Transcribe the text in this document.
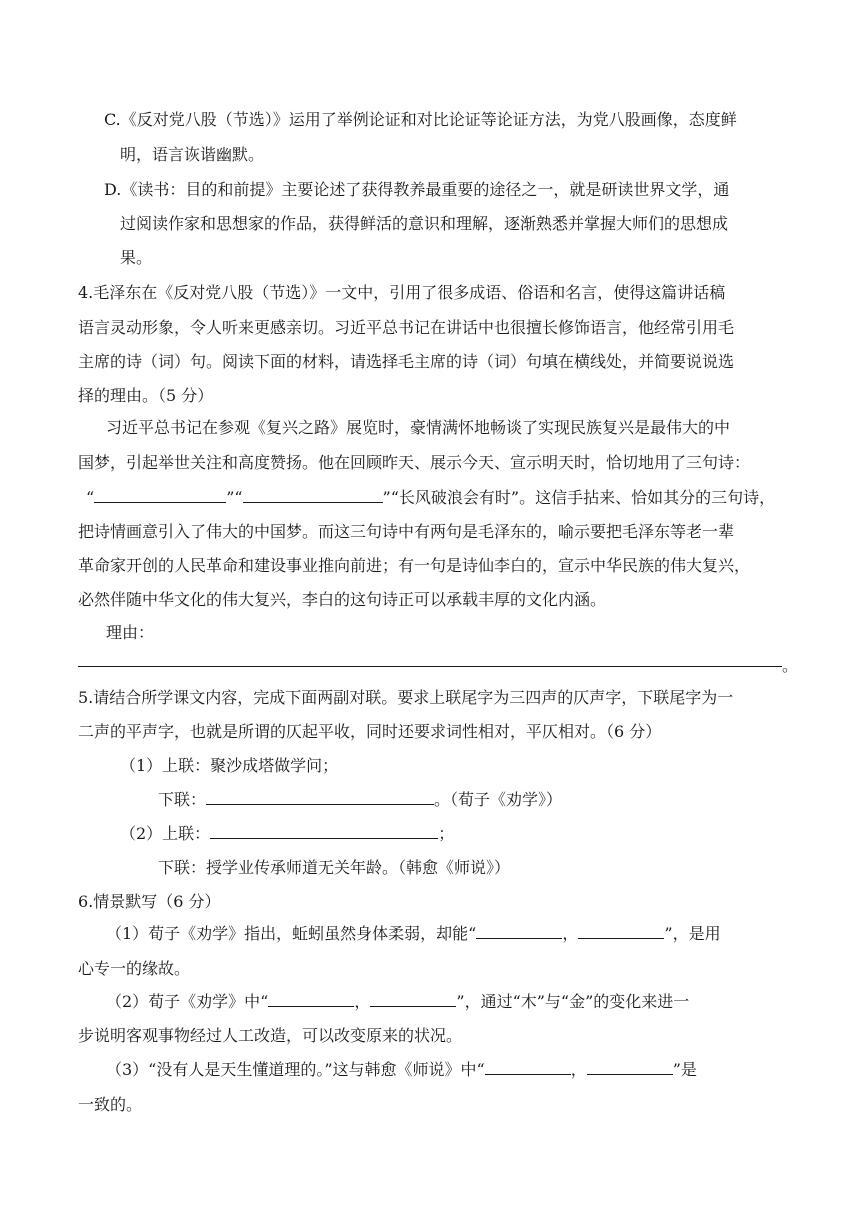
C.《反对党八股（节选）》运用了举例论证和对比论证等论证方法，为党八股画像，态度鲜
明，语言诙谐幽默。
D.《读书：目的和前提》主要论述了获得教养最重要的途径之一，就是研读世界文学，通
过阅读作家和思想家的作品，获得鲜活的意识和理解，逐渐熟悉并掌握大师们的思想成
果。
4.毛泽东在《反对党八股（节选）》一文中，引用了很多成语、俗语和名言，使得这篇讲话稿
语言灵动形象，令人听来更感亲切。习近平总书记在讲话中也很擅长修饰语言，他经常引用毛
主席的诗（词）句。阅读下面的材料，请选择毛主席的诗（词）句填在横线处，并简要说说选
择的理由。（5 分）
习近平总书记在参观《复兴之路》展览时，豪情满怀地畅谈了实现民族复兴是最伟大的中
国梦，引起举世关注和高度赞扬。他在回顾昨天、展示今天、宣示明天时，恰切地用了三句诗：
“	”“	”“长风破浪会有时”。这信手拈来、恰如其分的三句诗，
把诗情画意引入了伟大的中国梦。而这三句诗中有两句是毛泽东的，喻示要把毛泽东等老一辈
革命家开创的人民革命和建设事业推向前进；有一句是诗仙李白的，宣示中华民族的伟大复兴，
必然伴随中华文化的伟大复兴，李白的这句诗正可以承载丰厚的文化内涵。
理由：
。
5.请结合所学课文内容，完成下面两副对联。要求上联尾字为三四声的仄声字，下联尾字为一
二声的平声字，也就是所谓的仄起平收，同时还要求词性相对，平仄相对。（6 分）
（1）上联：聚沙成塔做学问；
下联：	。（荀子《劝学》）
（2）上联：	；
下联：授学业传承师道无关年龄。（韩愈《师说》）
6.情景默写（6 分）
（1）荀子《劝学》指出，蚯蚓虽然身体柔弱，却能“	，	”，是用
心专一的缘故。
（2）荀子《劝学》中“	，	”，通过“木”与“金”的变化来进一
步说明客观事物经过人工改造，可以改变原来的状况。
（3）“没有人是天生懂道理的。”这与韩愈《师说》中“	，	”是
一致的。
